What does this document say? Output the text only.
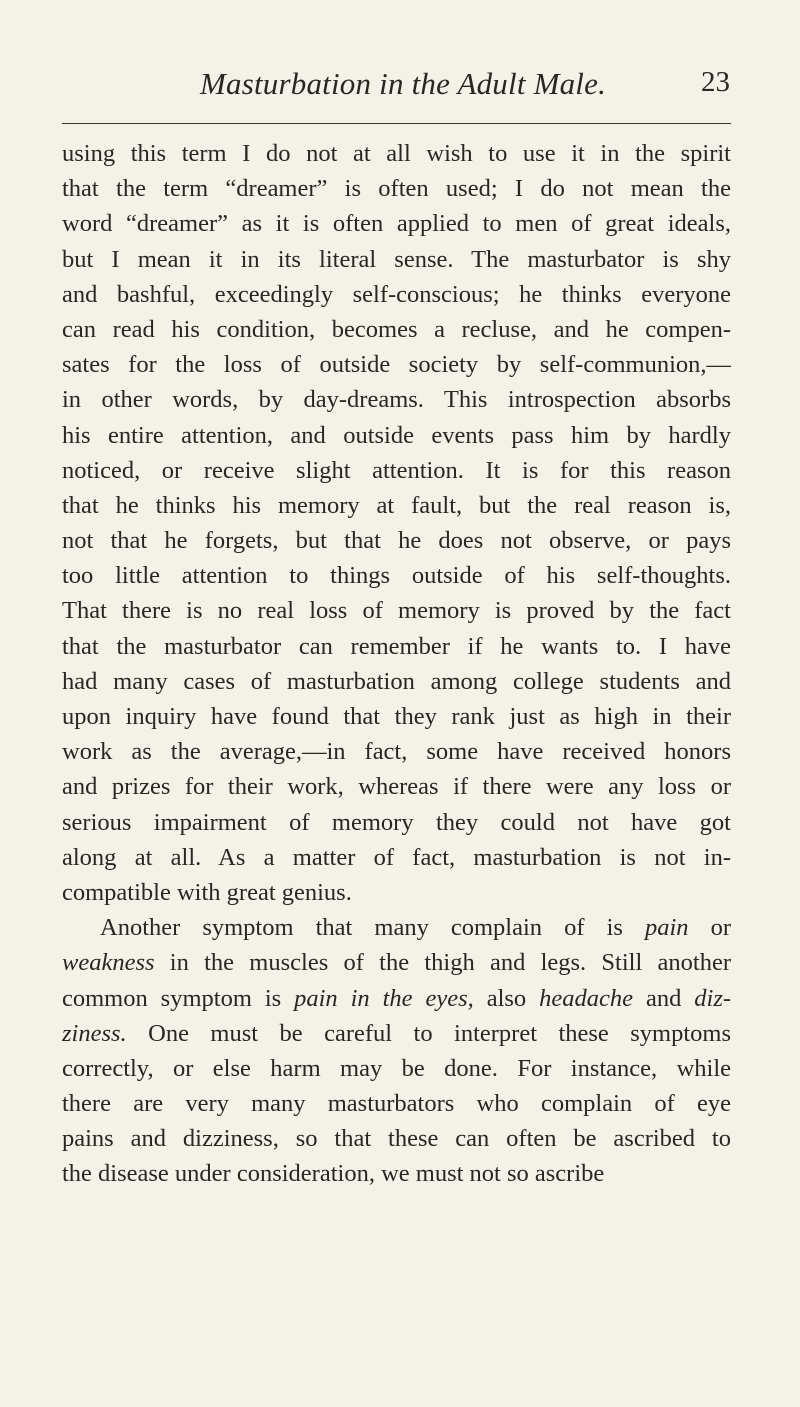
Masturbation in the Adult Male.	23
using this term I do not at all wish to use it in the spirit
that the term “dreamer” is often used; I do not mean the
word “dreamer” as it is often applied to men of great ideals,
but I mean it in its literal sense. The masturbator is shy
and bashful, exceedingly self-conscious; he thinks everyone
can read his condition, becomes a recluse, and he compen-
sates for the loss of outside society by self-communion,—
in other words, by day-dreams. This introspection absorbs
his entire attention, and outside events pass him by hardly
noticed, or receive slight attention. It is for this reason
that he thinks his memory at fault, but the real reason is,
not that he forgets, but that he does not observe, or pays
too little attention to things outside of his self-thoughts.
That there is no real loss of memory is proved by the fact
that the masturbator can remember if he wants to. I have
had many cases of masturbation among college students and
upon inquiry have found that they rank just as high in their
work as the average,—in fact, some have received honors
and prizes for their work, whereas if there were any loss or
serious impairment of memory they could not have got
along at all. As a matter of fact, masturbation is not in-
compatible with great genius.
Another symptom that many complain of is pain or
weakness in the muscles of the thigh and legs. Still another
common symptom is pain in the eyes, also headache and diz-
ziness. One must be careful to interpret these symptoms
correctly, or else harm may be done. For instance, while
there are very many masturbators who complain of eye
pains and dizziness, so that these can often be ascribed to
the disease under consideration, we must not so ascribe
